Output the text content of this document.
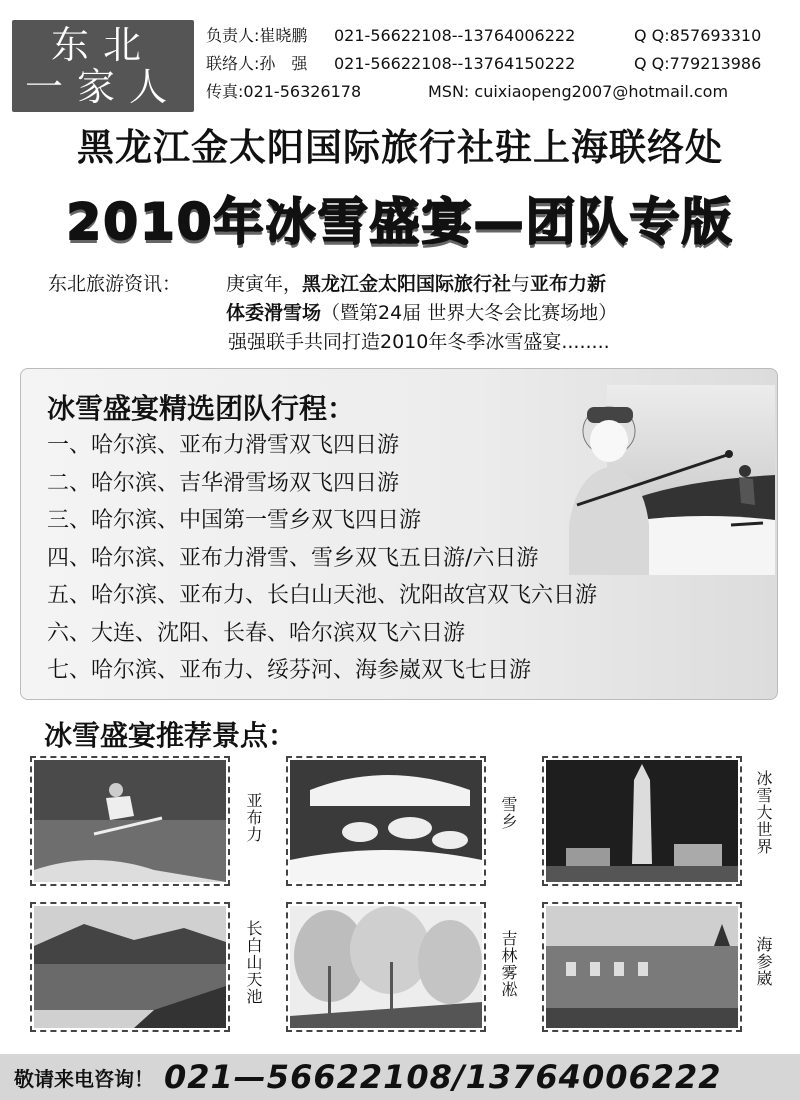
东北
一家人
负责人:崔晓鹏	021-56622108--13764006222	Q Q:857693310
联络人:孙　强	021-56622108--13764150222	Q Q:779213986
传真:021-56326178	MSN: cuixiaopeng2007@hotmail.com
黑龙江金太阳国际旅行社驻上海联络处
2010年冰雪盛宴—团队专版
东北旅游资讯： 庚寅年，黑龙江金太阳国际旅行社与亚布力新
体委滑雪场（暨第24届 世界大冬会比赛场地）
强强联手共同打造2010年冬季冰雪盛宴........
冰雪盛宴精选团队行程：
一、哈尔滨、亚布力滑雪双飞四日游
二、哈尔滨、吉华滑雪场双飞四日游
三、哈尔滨、中国第一雪乡双飞四日游
四、哈尔滨、亚布力滑雪、雪乡双飞五日游/六日游
五、哈尔滨、亚布力、长白山天池、沈阳故宫双飞六日游
六、大连、沈阳、长春、哈尔滨双飞六日游
七、哈尔滨、亚布力、绥芬河、海参崴双飞七日游
冰雪盛宴推荐景点：
亚布力	雪乡	冰雪大世界
长白山天池	吉林雾凇	海参崴
敬请来电咨询！ 021—56622108/13764006222
